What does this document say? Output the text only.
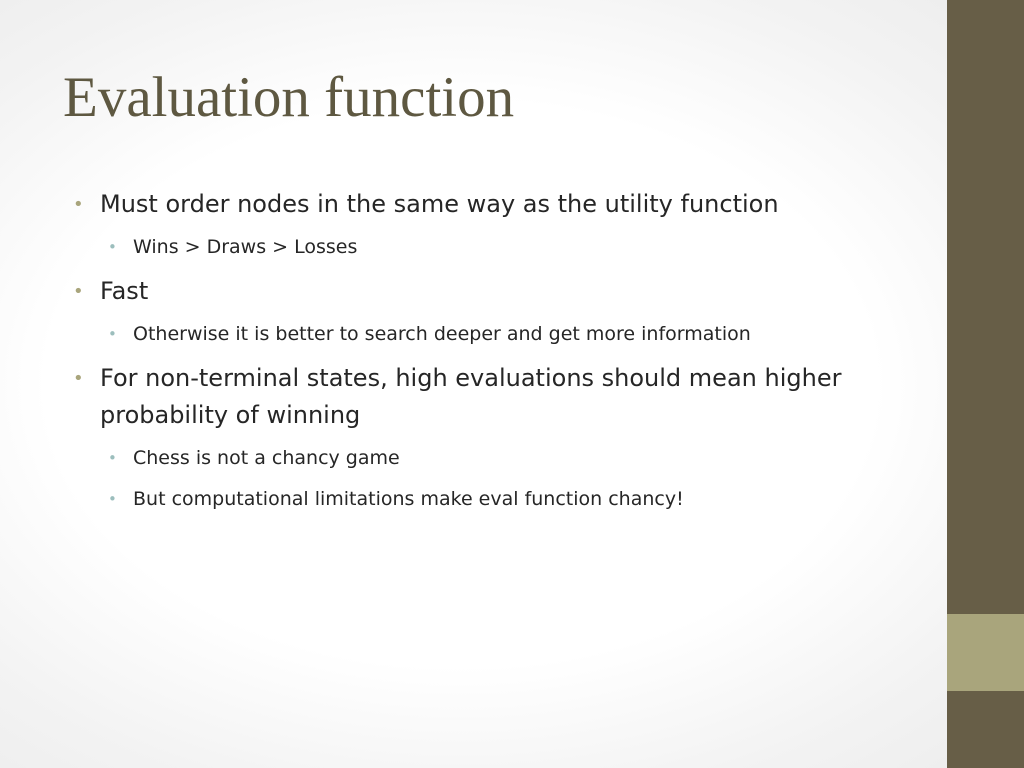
Evaluation function
• Must order nodes in the same way as the utility function
• Wins > Draws > Losses
• Fast
• Otherwise it is better to search deeper and get more information
• For non-terminal states, high evaluations should mean higher probability of winning
• Chess is not a chancy game
• But computational limitations make eval function chancy!
